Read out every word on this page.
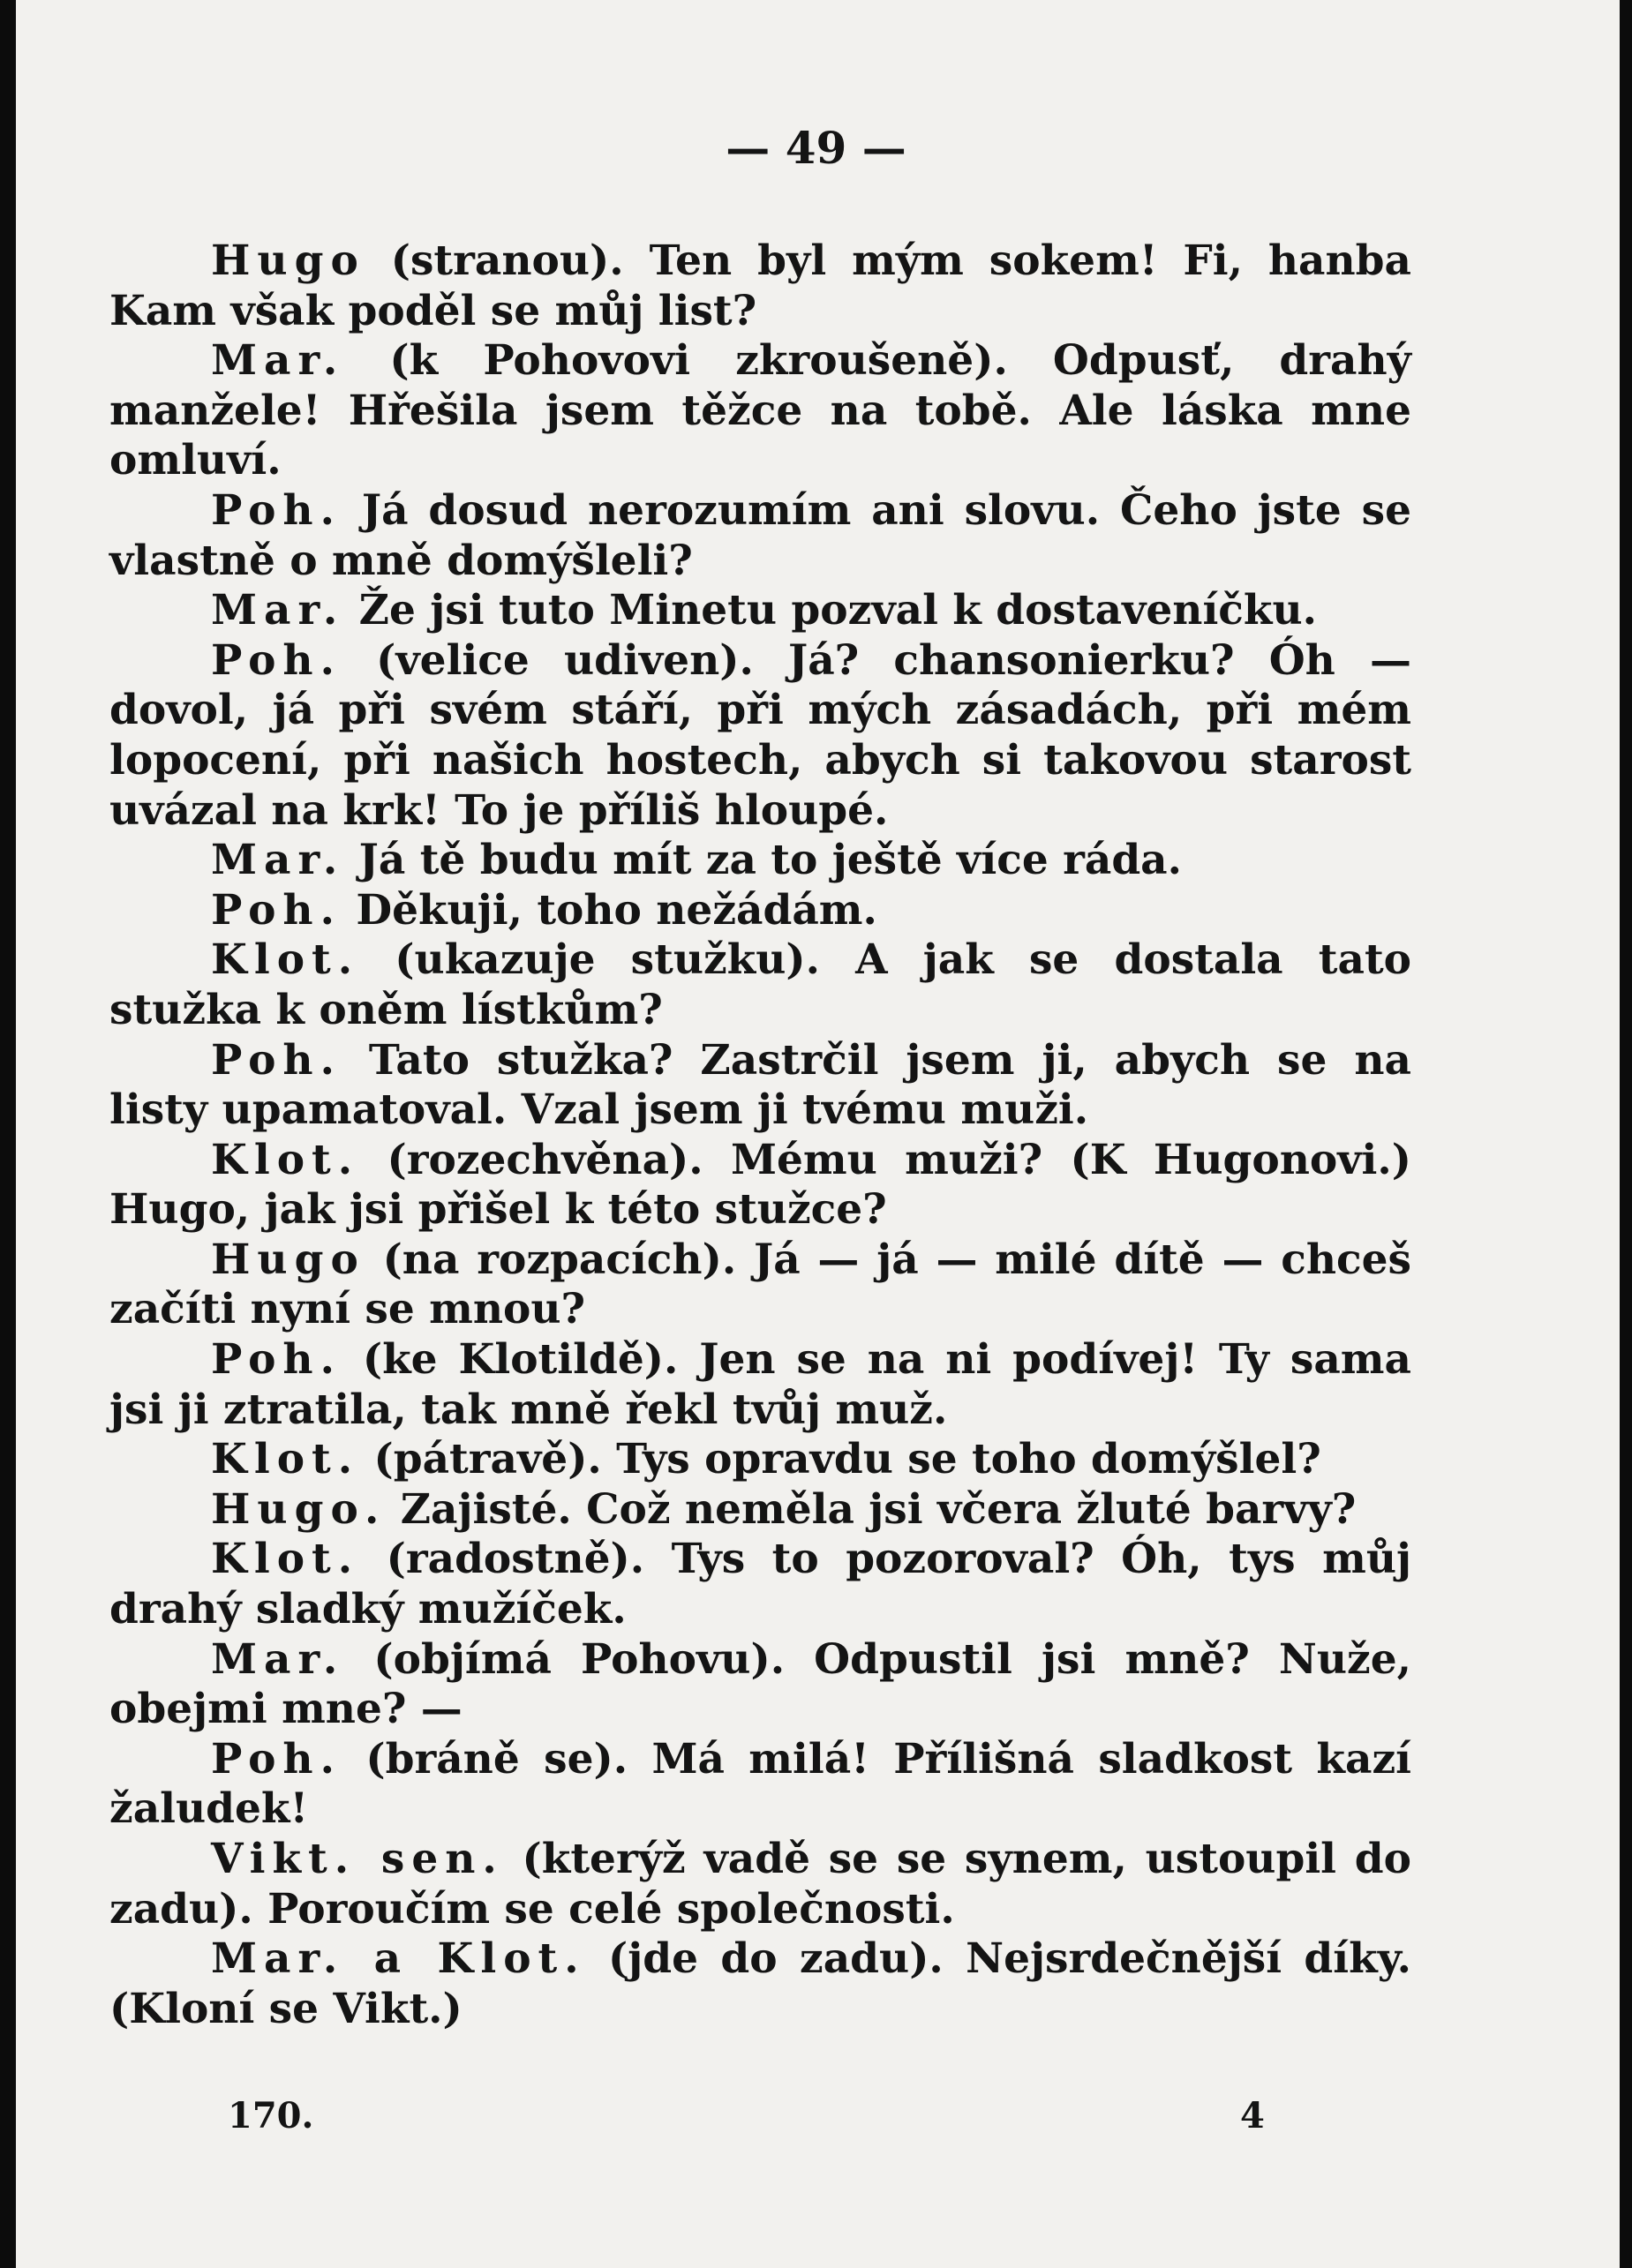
— 49 —

Hugo (stranou). Ten byl mým sokem! Fi, hanba Kam však poděl se můj list?

Mar. (k Pohovovi zkroušeně). Odpusť, drahý manžele! Hřešila jsem těžce na tobě. Ale láska mne omluví.

Poh. Já dosud nerozumím ani slovu. Čeho jste se vlastně o mně domýšleli?

Mar. Že jsi tuto Minetu pozval k dostaveníčku.

Poh. (velice udiven). Já? chansonierku? Óh — dovol, já při svém stáří, při mých zásadách, při mém lopocení, při našich hostech, abych si takovou starost uvázal na krk! To je příliš hloupé.

Mar. Já tě budu mít za to ještě více ráda.

Poh. Děkuji, toho nežádám.

Klot. (ukazuje stužku). A jak se dostala tato stužka k oněm lístkům?

Poh. Tato stužka? Zastrčil jsem ji, abych se na listy upamatoval. Vzal jsem ji tvému muži.

Klot. (rozechvěna). Mému muži? (K Hugonovi.) Hugo, jak jsi přišel k této stužce?

Hugo (na rozpacích). Já — já — milé dítě — chceš začíti nyní se mnou?

Poh. (ke Klotildě). Jen se na ni podívej! Ty sama jsi ji ztratila, tak mně řekl tvůj muž.

Klot. (pátravě). Tys opravdu se toho domýšlel?

Hugo. Zajisté. Což neměla jsi včera žluté barvy?

Klot. (radostně). Tys to pozoroval? Óh, tys můj drahý sladký mužíček.

Mar. (objímá Pohovu). Odpustil jsi mně? Nuže, obejmi mne? —

Poh. (bráně se). Má milá! Přílišná sladkost kazí žaludek!

Vikt. sen. (kterýž vadě se se synem, ustoupil do zadu). Poroučím se celé společnosti.

Mar. a Klot. (jde do zadu). Nejsrdečnější díky. (Kloní se Vikt.)

170.	4
